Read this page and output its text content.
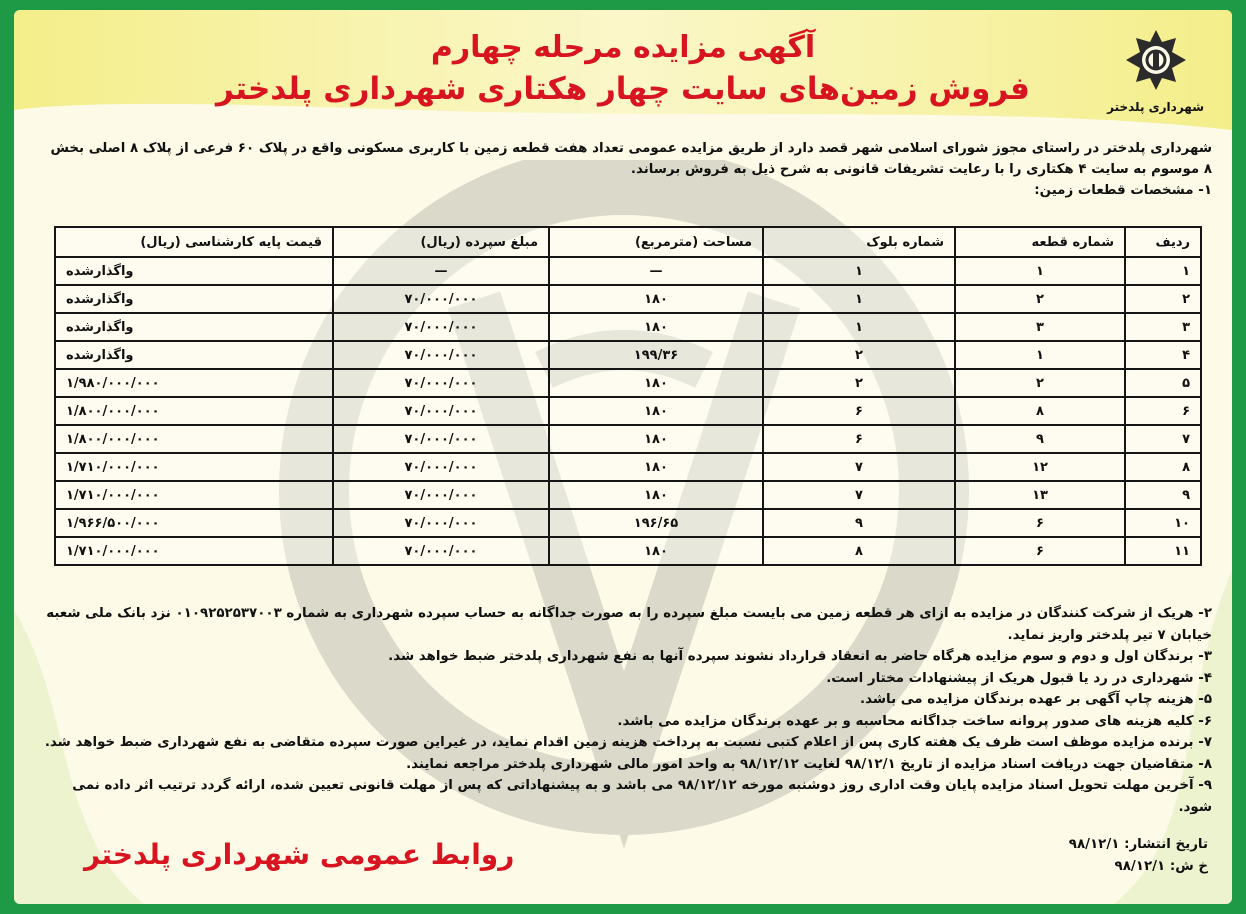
شهرداری پلدختر
آگهی مزایده مرحله چهارم
فروش زمین‌های سایت چهار هکتاری شهرداری پلدختر

شهرداری پلدختر در راستای مجوز شورای اسلامی شهر قصد دارد از طریق مزایده عمومی تعداد هفت قطعه زمین با کاربری مسکونی واقع در پلاک ۶۰ فرعی از پلاک ۸ اصلی بخش ۸ موسوم به سایت ۴ هکتاری را با رعایت تشریفات قانونی به شرح ذیل به فروش برساند.

۱- مشخصات قطعات زمین:

ردیف	شماره قطعه	شماره بلوک	مساحت (مترمربع)	مبلغ سپرده (ریال)	قیمت پایه کارشناسی (ریال)
۱	۱	۱	—	—	واگذارشده
۲	۲	۱	۱۸۰	۷۰/۰۰۰/۰۰۰	واگذارشده
۳	۳	۱	۱۸۰	۷۰/۰۰۰/۰۰۰	واگذارشده
۴	۱	۲	۱۹۹/۳۶	۷۰/۰۰۰/۰۰۰	واگذارشده
۵	۲	۲	۱۸۰	۷۰/۰۰۰/۰۰۰	۱/۹۸۰/۰۰۰/۰۰۰
۶	۸	۶	۱۸۰	۷۰/۰۰۰/۰۰۰	۱/۸۰۰/۰۰۰/۰۰۰
۷	۹	۶	۱۸۰	۷۰/۰۰۰/۰۰۰	۱/۸۰۰/۰۰۰/۰۰۰
۸	۱۲	۷	۱۸۰	۷۰/۰۰۰/۰۰۰	۱/۷۱۰/۰۰۰/۰۰۰
۹	۱۳	۷	۱۸۰	۷۰/۰۰۰/۰۰۰	۱/۷۱۰/۰۰۰/۰۰۰
۱۰	۶	۹	۱۹۶/۶۵	۷۰/۰۰۰/۰۰۰	۱/۹۶۶/۵۰۰/۰۰۰
۱۱	۶	۸	۱۸۰	۷۰/۰۰۰/۰۰۰	۱/۷۱۰/۰۰۰/۰۰۰

۲- هریک از شرکت کنندگان در مزایده به ازای هر قطعه زمین می بایست مبلغ سپرده را به صورت جداگانه به حساب سپرده شهرداری به شماره ۰۱۰۹۲۵۲۵۳۷۰۰۳ نزد بانک ملی شعبه خیابان ۷ تیر پلدختر واریز نماید.

۳- برندگان اول و دوم و سوم مزایده هرگاه حاضر به انعقاد قرارداد نشوند سپرده آنها به نفع شهرداری پلدختر ضبط خواهد شد.

۴- شهرداری در رد یا قبول هریک از پیشنهادات مختار است.

۵- هزینه چاپ آگهی بر عهده برندگان مزایده می باشد.

۶- کلیه هزینه های صدور پروانه ساخت جداگانه محاسبه و بر عهده برندگان مزایده می باشد.

۷- برنده مزایده موظف است ظرف یک هفته کاری پس از اعلام کتبی نسبت به پرداخت هزینه زمین اقدام نماید، در غیراین صورت سپرده متقاضی به نفع شهرداری ضبط خواهد شد.

۸- متقاضیان جهت دریافت اسناد مزایده از تاریخ ۹۸/۱۲/۱ لغایت ۹۸/۱۲/۱۲ به واحد امور مالی شهرداری پلدختر مراجعه نمایند.

۹- آخرین مهلت تحویل اسناد مزایده پایان وقت اداری روز دوشنبه مورخه ۹۸/۱۲/۱۲ می باشد و به پیشنهاداتی که پس از مهلت قانونی تعیین شده، ارائه گردد ترتیب اثر داده نمی شود.

تاریخ انتشار: ۹۸/۱۲/۱

خ ش: ۹۸/۱۲/۱

روابط عمومی شهرداری پلدختر
